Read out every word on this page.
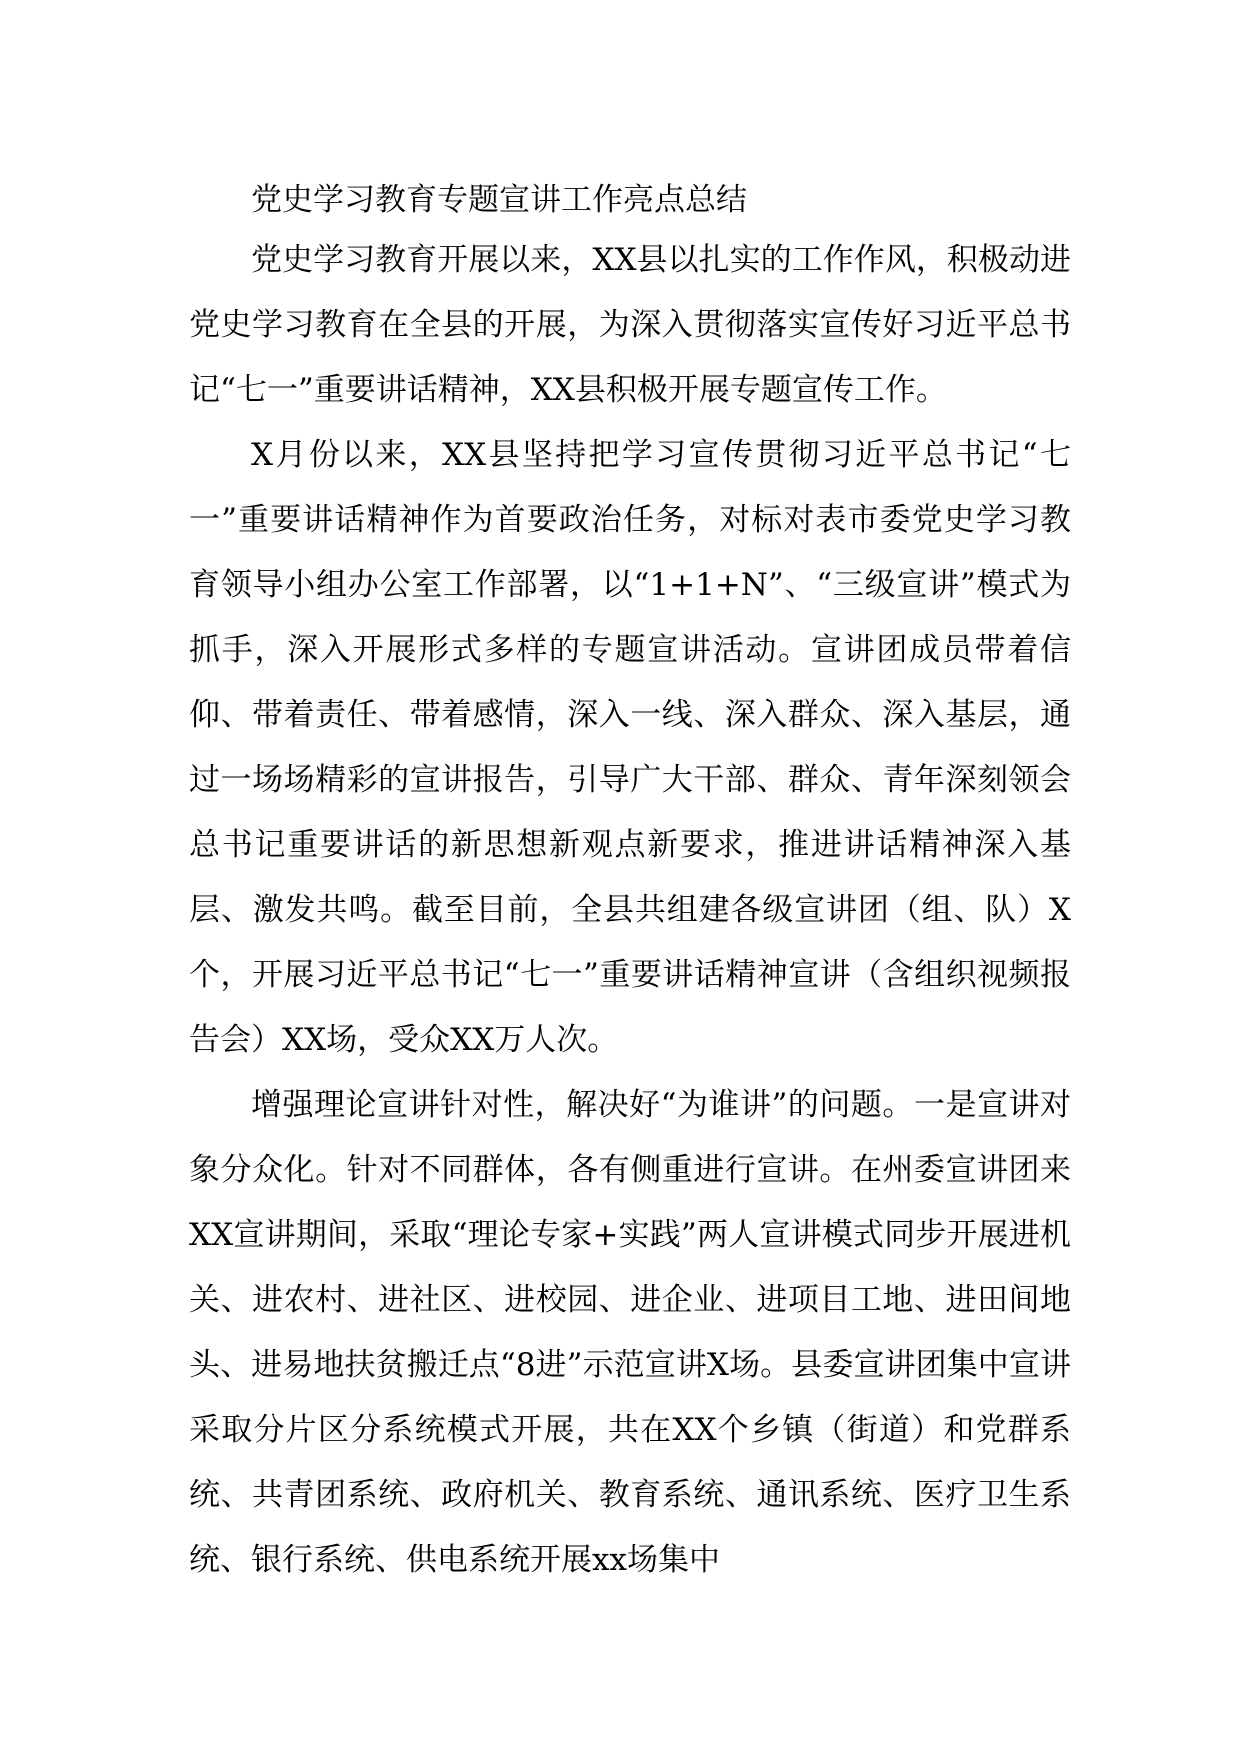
党史学习教育专题宣讲工作亮点总结

党史学习教育开展以来，XX县以扎实的工作作风，积极动进党史学习教育在全县的开展，为深入贯彻落实宣传好习近平总书记“七一”重要讲话精神，XX县积极开展专题宣传工作。

X月份以来，XX县坚持把学习宣传贯彻习近平总书记“七一”重要讲话精神作为首要政治任务，对标对表市委党史学习教育领导小组办公室工作部署，以“1+1+N”、“三级宣讲”模式为抓手，深入开展形式多样的专题宣讲活动。宣讲团成员带着信仰、带着责任、带着感情，深入一线、深入群众、深入基层，通过一场场精彩的宣讲报告，引导广大干部、群众、青年深刻领会总书记重要讲话的新思想新观点新要求，推进讲话精神深入基层、激发共鸣。截至目前，全县共组建各级宣讲团（组、队）X个，开展习近平总书记“七一”重要讲话精神宣讲（含组织视频报告会）XX场，受众XX万人次。

增强理论宣讲针对性，解决好“为谁讲”的问题。一是宣讲对象分众化。针对不同群体，各有侧重进行宣讲。在州委宣讲团来XX宣讲期间，采取“理论专家+实践”两人宣讲模式同步开展进机关、进农村、进社区、进校园、进企业、进项目工地、进田间地头、进易地扶贫搬迁点“8进”示范宣讲X场。县委宣讲团集中宣讲采取分片区分系统模式开展，共在XX个乡镇（街道）和党群系统、共青团系统、政府机关、教育系统、通讯系统、医疗卫生系统、银行系统、供电系统开展xx场集中
